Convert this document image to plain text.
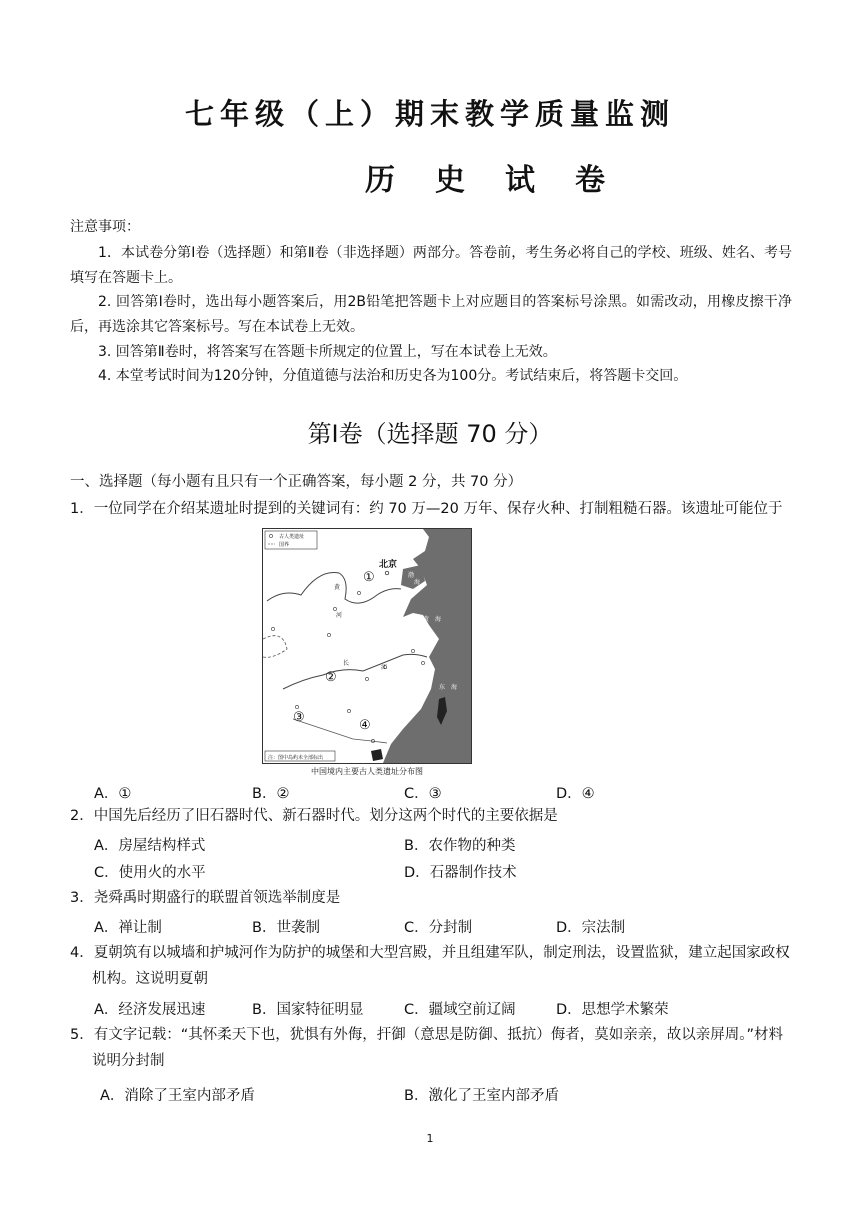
七年级（上）期末教学质量监测
历 史 试 卷
注意事项：
1．本试卷分第Ⅰ卷（选择题）和第Ⅱ卷（非选择题）两部分。答卷前，考生务必将自己的学校、班级、姓名、考号填写在答题卡上。
2. 回答第Ⅰ卷时，选出每小题答案后，用2B铅笔把答题卡上对应题目的答案标号涂黑。如需改动，用橡皮擦干净后，再选涂其它答案标号。写在本试卷上无效。
3. 回答第Ⅱ卷时，将答案写在答题卡所规定的位置上，写在本试卷上无效。
4. 本堂考试时间为120分钟，分值道德与法治和历史各为100分。考试结束后，将答题卡交回。
第Ⅰ卷（选择题 70 分）
一、选择题（每小题有且只有一个正确答案，每小题 2 分，共 70 分）
1．一位同学在介绍某遗址时提到的关键词有：约 70 万—20 万年、保存火种、打制粗糙石器。该遗址可能位于
古人类遗址
国界
北京
渤
海
黄 海
东 海
黄
河
长
江
①
②
③
④
注：图中岛屿未全部标出
中国境内主要古人类遗址分布图
A．①	B．②	C．③	D．④
2．中国先后经历了旧石器时代、新石器时代。划分这两个时代的主要依据是
A．房屋结构样式	B．农作物的种类
C．使用火的水平	D．石器制作技术
3．尧舜禹时期盛行的联盟首领选举制度是
A．禅让制	B．世袭制	C．分封制	D．宗法制
4．夏朝筑有以城墙和护城河作为防护的城堡和大型宫殿，并且组建军队，制定刑法，设置监狱，建立起国家政权机构。这说明夏朝
A．经济发展迅速	B．国家特征明显	C．疆域空前辽阔	D．思想学术繁荣
5．有文字记载：“其怀柔天下也，犹惧有外侮，扞御（意思是防御、抵抗）侮者，莫如亲亲，故以亲屏周。”材料说明分封制
A．消除了王室内部矛盾	B．激化了王室内部矛盾
1
